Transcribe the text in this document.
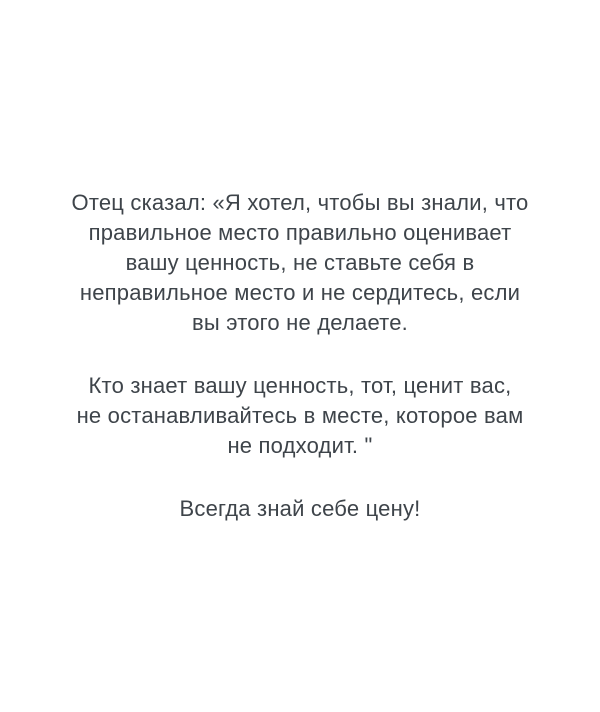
Отец сказал: «Я хотел, чтобы вы знали, что
правильное место правильно оценивает
вашу ценность, не ставьте себя в
неправильное место и не сердитесь, если
вы этого не делаете.
Кто знает вашу ценность, тот, ценит вас,
не останавливайтесь в месте, которое вам
не подходит. "
Всегда знай себе цену!
